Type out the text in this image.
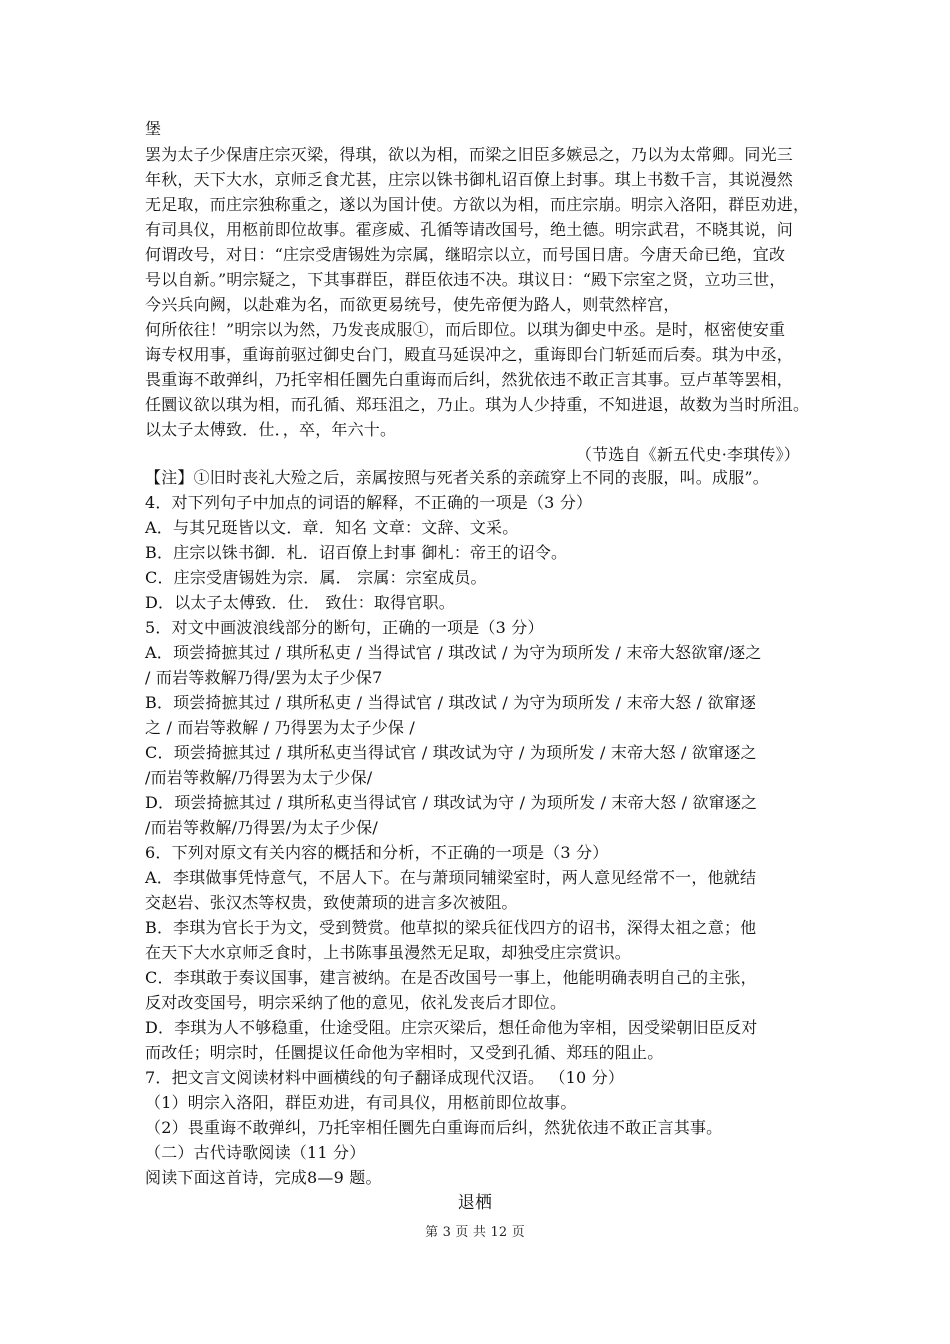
堡
罢为太子少保唐庄宗灭梁，得琪，欲以为相，而梁之旧臣多嫉忌之，乃以为太常卿。同光三
年秋，天下大水，京师乏食尤甚，庄宗以铢书御札诏百僚上封事。琪上书数千言，其说漫然
无足取，而庄宗独称重之，遂以为国计使。方欲以为相，而庄宗崩。明宗入洛阳，群臣劝进，
有司具仪，用柩前即位故事。霍彦威、孔循等请改国号，绝土德。明宗武君，不晓其说，问
何谓改号，对日：“庄宗受唐锡姓为宗属，继昭宗以立，而号国日唐。今唐天命已绝，宜改
号以自新。”明宗疑之，下其事群臣，群臣依违不决。琪议日：“殿下宗室之贤，立功三世，
今兴兵向阙，以赴难为名，而欲更易统号，使先帝便为路人，则茕然梓宫，
何所依往！”明宗以为然，乃发丧成服①，而后即位。以琪为御史中丞。是时，枢密使安重
诲专权用事，重诲前驱过御史台门，殿直马延误冲之，重诲即台门斩延而后奏。琪为中丞，
畏重诲不敢弹纠，乃托宰相任圜先白重诲而后纠，然犹依违不敢正言其事。豆卢革等罢相，
任圜议欲以琪为相，而孔循、郑珏沮之，乃止。琪为人少持重，不知进退，故数为当时所沮。
以太子太傅致．仕．，卒，年六十。
（节选自《新五代史·李琪传》）
【注】①旧时丧礼大殓之后，亲属按照与死者关系的亲疏穿上不同的丧服，叫。成服”。
4．对下列句子中加点的词语的解释，不正确的一项是（3 分）
A．与其兄珽皆以文．章．知名 文章：文辞、文采。
B．庄宗以铢书御．札．诏百僚上封事 御札：帝王的诏令。
C．庄宗受唐锡姓为宗．属． 宗属：宗室成员。
D．以太子太傅致．仕． 致仕：取得官职。
5．对文中画波浪线部分的断句，正确的一项是（3 分）
A．顼尝掎摭其过 / 琪所私吏 / 当得试官 / 琪改试 / 为守为顼所发 / 末帝大怒欲窜/逐之
/ 而岩等救解乃得/罢为太子少保7
B．顼尝掎摭其过 / 琪所私吏 / 当得试官 / 琪改试 / 为守为顼所发 / 末帝大怒 / 欲窜逐
之 / 而岩等救解 / 乃得罢为太子少保 /
C．顼尝掎摭其过 / 琪所私吏当得试官 / 琪改试为守 / 为顼所发 / 末帝大怒 / 欲窜逐之
/而岩等救解/乃得罢为太亍少保/
D．顼尝掎摭其过 / 琪所私吏当得试官 / 琪改试为守 / 为顼所发 / 末帝大怒 / 欲窜逐之
/而岩等救解/乃得罢/为太子少保/
6．下列对原文有关内容的概括和分析，不正确的一项是（3 分）
A．李琪做事凭恃意气，不居人下。在与萧顼同辅梁室时，两人意见经常不一，他就结
交赵岩、张汉杰等权贵，致使萧顼的进言多次被阻。
B．李琪为官长于为文，受到赞赏。他草拟的梁兵征伐四方的诏书，深得太祖之意；他
在天下大水京师乏食时，上书陈事虽漫然无足取，却独受庄宗赏识。
C．李琪敢于奏议国事，建言被纳。在是否改国号一事上，他能明确表明自己的主张，
反对改变国号，明宗采纳了他的意见，依礼发丧后才即位。
D．李琪为人不够稳重，仕途受阻。庄宗灭梁后，想任命他为宰相，因受梁朝旧臣反对
而改任；明宗时，任圜提议任命他为宰相时，又受到孔循、郑珏的阻止。
7．把文言文阅读材料中画横线的句子翻译成现代汉语。 （10 分）
（1）明宗入洛阳，群臣劝进，有司具仪，用柩前即位故事。
（2）畏重诲不敢弹纠，乃托宰相任圜先白重诲而后纠，然犹依违不敢正言其事。
（二）古代诗歌阅读（11 分）
阅读下面这首诗，完成8—9 题。
退栖
第 3 页 共 12 页
